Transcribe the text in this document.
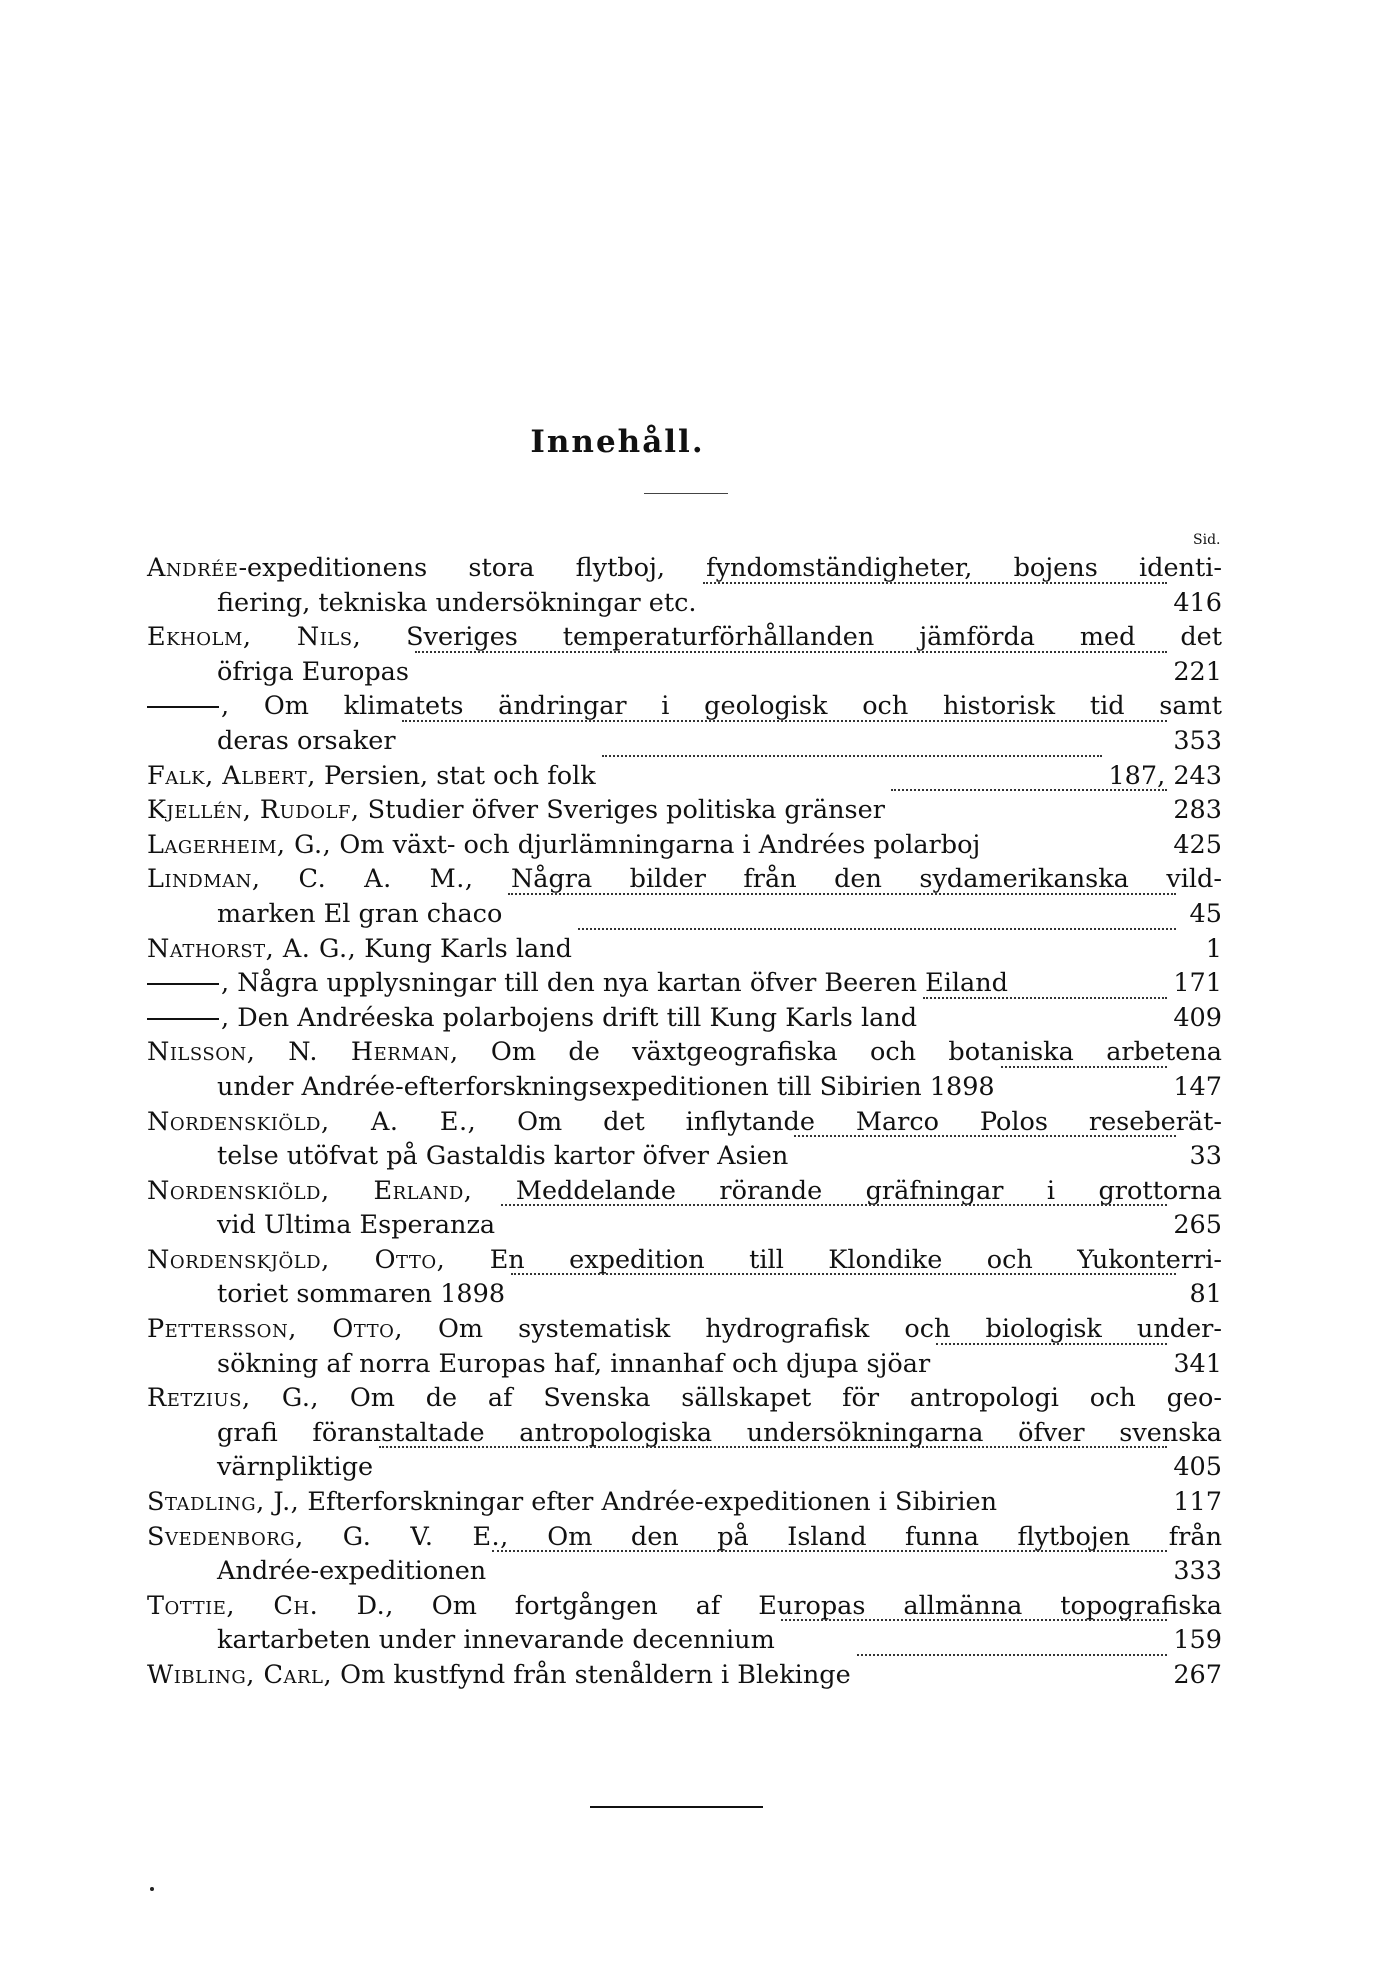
Innehåll.
Sid.
Andrée-expeditionens stora flytboj, fyndomständigheter, bojens identi-
fiering, tekniska undersökningar etc.	416
Ekholm, Nils, Sveriges temperaturförhållanden jämförda med det
öfriga Europas	221
, Om klimatets ändringar i geologisk och historisk tid samt
deras orsaker	353
Falk, Albert, Persien, stat och folk	187, 243
Kjellén, Rudolf, Studier öfver Sveriges politiska gränser	283
Lagerheim, G., Om växt- och djurlämningarna i Andrées polarboj	425
Lindman, C. A. M., Några bilder från den sydamerikanska vild-
marken El gran chaco	45
Nathorst, A. G., Kung Karls land	1
, Några upplysningar till den nya kartan öfver Beeren Eiland	171
, Den Andréeska polarbojens drift till Kung Karls land	409
Nilsson, N. Herman, Om de växtgeografiska och botaniska arbetena
under Andrée-efterforskningsexpeditionen till Sibirien 1898	147
Nordenskiöld, A. E., Om det inflytande Marco Polos reseberät-
telse utöfvat på Gastaldis kartor öfver Asien	33
Nordenskiöld, Erland, Meddelande rörande gräfningar i grottorna
vid Ultima Esperanza	265
Nordenskjöld, Otto, En expedition till Klondike och Yukonterri-
toriet sommaren 1898	81
Pettersson, Otto, Om systematisk hydrografisk och biologisk under-
sökning af norra Europas haf, innanhaf och djupa sjöar	341
Retzius, G., Om de af Svenska sällskapet för antropologi och geo-
grafi föranstaltade antropologiska undersökningarna öfver svenska
värnpliktige	405
Stadling, J., Efterforskningar efter Andrée-expeditionen i Sibirien	117
Svedenborg, G. V. E., Om den på Island funna flytbojen från
Andrée-expeditionen	333
Tottie, Ch. D., Om fortgången af Europas allmänna topografiska
kartarbeten under innevarande decennium	159
Wibling, Carl, Om kustfynd från stenåldern i Blekinge	267
